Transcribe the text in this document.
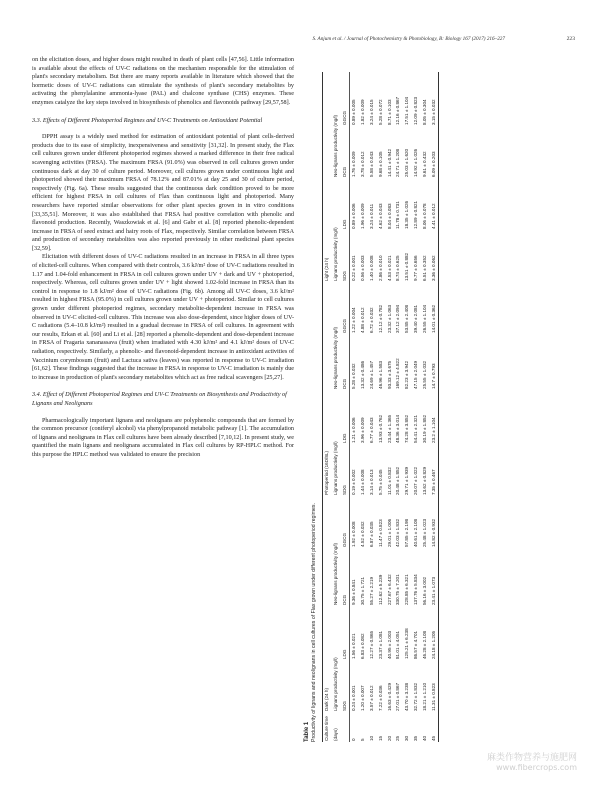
S. Anjum et al. / Journal of Photochemistry & Photobiology, B: Biology 167 (2017) 216–227	223

on the elicitation doses, and higher doses might resulted in death of plant cells [47,56]. Little information is available about the effects of UV-C radiations on the mechanism responsible for the stimulation of plant's secondary metabolism. But there are many reports available in literature which showed that the hormetic doses of UV-C radiations can stimulate the synthesis of plant's secondary metabolites by activating the phenylalanine ammonia-lyase (PAL) and chalcone synthase (CHS) enzymes. These enzymes catalyze the key steps involved in biosynthesis of phenolics and flavonoids pathway [29,57,58].

3.3. Effects of Different Photoperiod Regimes and UV-C Treatments on Antioxidant Potential

DPPH assay is a widely used method for estimation of antioxidant potential of plant cells-derived products due to its ease of simplicity, inexpensiveness and sensitivity [31,32]. In present study, the Flax cell cultures grown under different photoperiod regimes showed a marked difference in their free radical scavenging activities (FRSA). The maximum FRSA (91.0%) was observed in cell cultures grown under continuous dark at day 30 of culture period. Moreover, cell cultures grown under continuous light and photoperiod showed their maximum FRSA of 78.12% and 87.01% at day 25 and 30 of culture period, respectively (Fig. 6a). These results suggested that the continuous dark condition proved to be more efficient for highest FRSA in cell cultures of Flax than continuous light and photoperiod. Many researchers have reported similar observations for other plant species grown in in vitro conditions [33,35,51]. Moreover, it was also established that FRSA had positive correlation with phenolic and flavonoid production. Recently, Waszkowiak et al. [6] and Gabr et al. [8] reported phenolic-dependent increase in FRSA of seed extract and hairy roots of Flax, respectively. Similar correlation between FRSA and production of secondary metabolites was also reported previously in other medicinal plant species [32,59].

Elicitation with different doses of UV-C radiations resulted in an increase in FRSA in all three types of elicited-cell cultures. When compared with their controls, 3.6 kJ/m² dose of UV-C radiations resulted in 1.17 and 1.04-fold enhancement in FRSA in cell cultures grown under UV + dark and UV + photoperiod, respectively. Whereas, cell cultures grown under UV + light showed 1.02-fold increase in FRSA than its control in response to 1.8 kJ/m² dose of UV-C radiations (Fig. 6b). Among all UV-C doses, 3.6 kJ/m² resulted in highest FRSA (95.0%) in cell cultures grown under UV + photoperiod. Similar to cell cultures grown under different photoperiod regimes, secondary metabolite-dependent increase in FRSA was observed in UV-C elicited-cell cultures. This increase was also dose-dependent, since higher doses of UV-C radiations (5.4–10.8 kJ/m²) resulted in a gradual decrease in FRSA of cell cultures. In agreement with our results, Erkan et al. [60] and Li et al. [28] reported a phenolic-dependent and dose-dependent increase in FRSA of Fragaria xananassava (fruit) when irradiated with 4.30 kJ/m² and 4.1 kJ/m² doses of UV-C radiation, respectively. Similarly, a phenolic- and flavonoid-dependent increase in antioxidant activities of Vaccinium corymbosum (fruit) and Lactuca sativa (leaves) was reported in response to UV-C irradiation [61,62]. These findings suggested that the increase in FRSA in response to UV-C irradiation is mainly due to increase in production of plant's secondary metabolites which act as free radical scavengers [25,27].

3.4. Effect of Different Photoperiod Regimes and UV-C Treatments on Biosynthesis and Productivity of Lignans and Neolignans

Pharmacologically important lignans and neolignans are polyphenolic compounds that are formed by the common precursor (coniferyl alcohol) via phenylpropanoid metabolic pathway [1]. The accumulation of lignans and neolignans in Flax cell cultures have been already described [7,10,12]. In present study, we quantified the main lignans and neolignans accumulated in Flax cell cultures by RP-HPLC method. For this purpose the HPLC method was validated to ensure the precision

Table 1 Productivity of lignans and neolignans in cell cultures of Flax grown under different photoperiod regimes. Culture time	Dark (24 h)				Photoperiod (16D/8L)				Light (24 h)			
(days)	Lignans productivity (mg/l)		Neo-lignans productivity (mg/l)		Lignans productivity (mg/l)		Neo-lignans productivity (mg/l)		Lignans productivity (mg/l)		Neo-lignans productivity (mg/l)	
	SDG	LDG	DCG	GGCG	SDG	LDG	DCG	GGCG	SDG	LDG	DCG	GGCG
0	0.24 ± 0.001	1.56 ± 0.021	9.36 ± 0.841	1.92 ± 0.008	0.19 ± 0.002	1.21 ± 0.006	5.28 ± 0.032	1.22 ± 0.004	0.22 ± 0.001	0.89 ± 0.006	1.76 ± 0.009	0.89 ± 0.005
5	1.20 ± 0.007	6.83 ± 0.082	30.75 ± 1.721	4.52 ± 0.032	1.44 ± 0.008	3.96 ± 0.009	13.32 ± 0.486	4.88 ± 0.012	0.56 ± 0.003	1.96 ± 0.009	3.78 ± 0.012	1.82 ± 0.009
10	3.57 ± 0.012	12.27 ± 0.865	55.27 ± 2.219	6.87 ± 0.035	3.14 ± 0.013	6.77 ± 0.043	24.69 ± 1.457	6.72 ± 0.032	1.40 ± 0.008	3.24 ± 0.011	5.58 ± 0.043	3.24 ± 0.015
15	7.22 ± 0.036	23.37 ± 1.081	112.62 ± 5.239	11.47 ± 0.823	5.75 ± 0.045	13.93 ± 0.762	46.96 ± 1.583	12.12 ± 0.782	2.86 ± 0.010	4.62 ± 0.043	9.68 ± 0.105	5.28 ± 0.072
20	16.63 ± 0.429	40.95 ± 2.003	227.67 ± 6.432	29.01 ± 1.006	11.01 ± 0.832	23.44 ± 1.365	93.33 ± 3.675	23.32 ± 1.063	4.53 ± 0.021	8.04 ± 0.083	14.41 ± 0.942	8.71 ± 0.103
25	27.01 ± 0.867	81.01 ± 4.051	330.75 ± 7.201	42.03 ± 1.832	20.48 ± 1.852	48.36 ± 3.014	169.12 ± 4.822	37.12 ± 2.094	8.74 ± 0.625	11.78 ± 0.731	24.71 ± 1.208	12.16 ± 0.867
30	43.70 ± 3.238	125.21 ± 6.238	228.85 ± 6.321	57.85 ± 2.198	29.71 ± 1.939	74.28 ± 3.852	82.23 ± 3.942	53.85 ± 2.408	13.51 ± 0.882	18.35 ± 1.026	25.03 ± 1.620	17.51 ± 1.104
35	32.72 ± 1.832	86.57 ± 4.701	137.76 ± 5.834	40.61 ± 2.108	20.07 ± 1.022	54.41 ± 2.321	47.15 ± 2.049	39.40 ± 2.081	9.77 ± 0.656	12.89 ± 0.821	14.92 ± 1.026	12.09 ± 0.823
40	18.21 ± 1.210	46.28 ± 2.108	56.16 ± 3.002	25.48 ± 1.023	13.62 ± 0.829	30.19 ± 1.852	25.55 ± 1.032	26.55 ± 1.104	6.51 ± 0.352	8.06 ± 0.078	9.61 ± 0.432	8.05 ± 0.304
45	11.31 ± 0.823	24.18 ± 1.205	23.41 ± 1.073	14.82 ± 0.932	7.35 ± 0.467	23.2 ± 1.104	14.7 ± 0.793	14.01 ± 0.362	3.36 ± 0.062	4.41 ± 0.012	6.09 ± 0.203	3.15 ± 0.032
麻类作物营养与施肥网
www.fibercrops.com
